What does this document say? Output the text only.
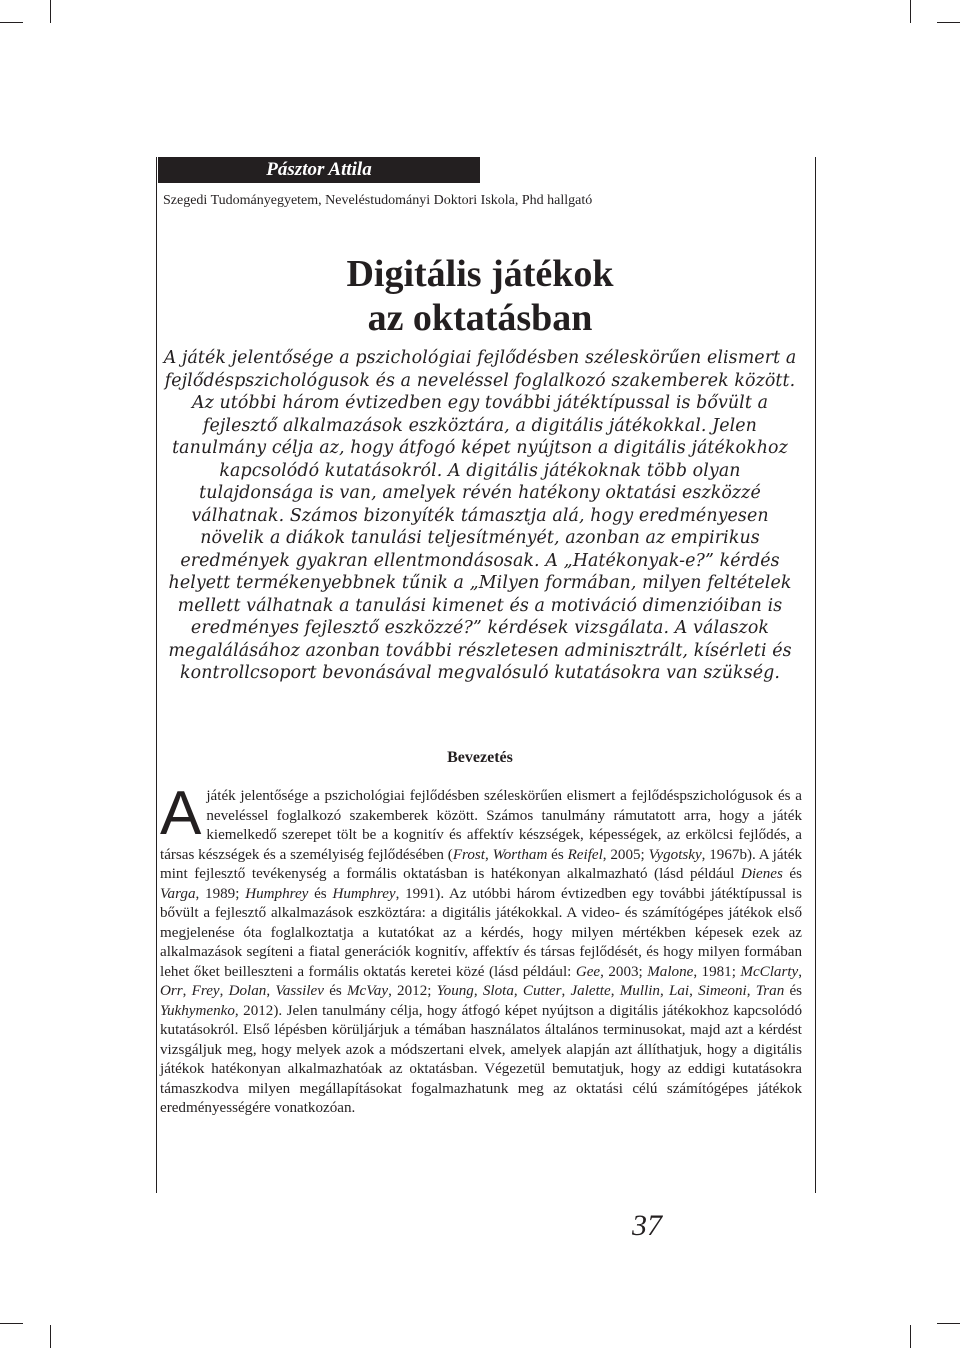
Pásztor Attila
Szegedi Tudományegyetem, Neveléstudományi Doktori Iskola, Phd hallgató
Digitális játékok
az oktatásban

A játék jelentősége a pszichológiai fejlődésben széleskörűen elismert a fejlődéspszichológusok és a neveléssel foglalkozó szakemberek között. Az utóbbi három évtizedben egy további játéktípussal is bővült a fejlesztő alkalmazások eszköztára, a digitális játékokkal. Jelen tanulmány célja az, hogy átfogó képet nyújtson a digitális játékokhoz kapcsolódó kutatásokról. A digitális játékoknak több olyan tulajdonsága is van, amelyek révén hatékony oktatási eszközzé válhatnak. Számos bizonyíték támasztja alá, hogy eredményesen növelik a diákok tanulási teljesítményét, azonban az empirikus eredmények gyakran ellentmondásosak. A „Hatékonyak-e?” kérdés helyett termékenyebbnek tűnik a „Milyen formában, milyen feltételek mellett válhatnak a tanulási kimenet és a motiváció dimenzióiban is eredményes fejlesztő eszközzé?” kérdések vizsgálata. A válaszok megalálásához azonban további részletesen adminisztrált, kísérleti és kontrollcsoport bevonásával megvalósuló kutatásokra van szükség.

Bevezetés

A játék jelentősége a pszichológiai fejlődésben széleskörűen elismert a fejlődéspszichológusok és a neveléssel foglalkozó szakemberek között. Számos tanulmány rámutatott arra, hogy a játék kiemelkedő szerepet tölt be a kognitív és affektív készségek, képességek, az erkölcsi fejlődés, a társas készségek és a személyiség fejlődésében (Frost, Wortham és Reifel, 2005; Vygotsky, 1967b). A játék mint fejlesztő tevékenység a formális oktatásban is hatékonyan alkalmazható (lásd például Dienes és Varga, 1989; Humphrey és Humphrey, 1991). Az utóbbi három évtizedben egy további játéktípussal is bővült a fejlesztő alkalmazások eszköztára: a digitális játékokkal. A video- és számítógépes játékok első megjelenése óta foglalkoztatja a kutatókat az a kérdés, hogy milyen mértékben képesek ezek az alkalmazások segíteni a fiatal generációk kognitív, affektív és társas fejlődését, és hogy milyen formában lehet őket beilleszteni a formális oktatás keretei közé (lásd például: Gee, 2003; Malone, 1981; McClarty, Orr, Frey, Dolan, Vassilev és McVay, 2012; Young, Slota, Cutter, Jalette, Mullin, Lai, Simeoni, Tran és Yukhymenko, 2012). Jelen tanulmány célja, hogy átfogó képet nyújtson a digitális játékokhoz kapcsolódó kutatásokról. Első lépésben körüljárjuk a témában használatos általános terminusokat, majd azt a kérdést vizsgáljuk meg, hogy melyek azok a módszertani elvek, amelyek alapján azt állíthatjuk, hogy a digitális játékok hatékonyan alkalmazhatóak az oktatásban. Végezetül bemutatjuk, hogy az eddigi kutatásokra támaszkodva milyen megállapításokat fogalmazhatunk meg az oktatási célú számítógépes játékok eredményességére vonatkozóan.

37
